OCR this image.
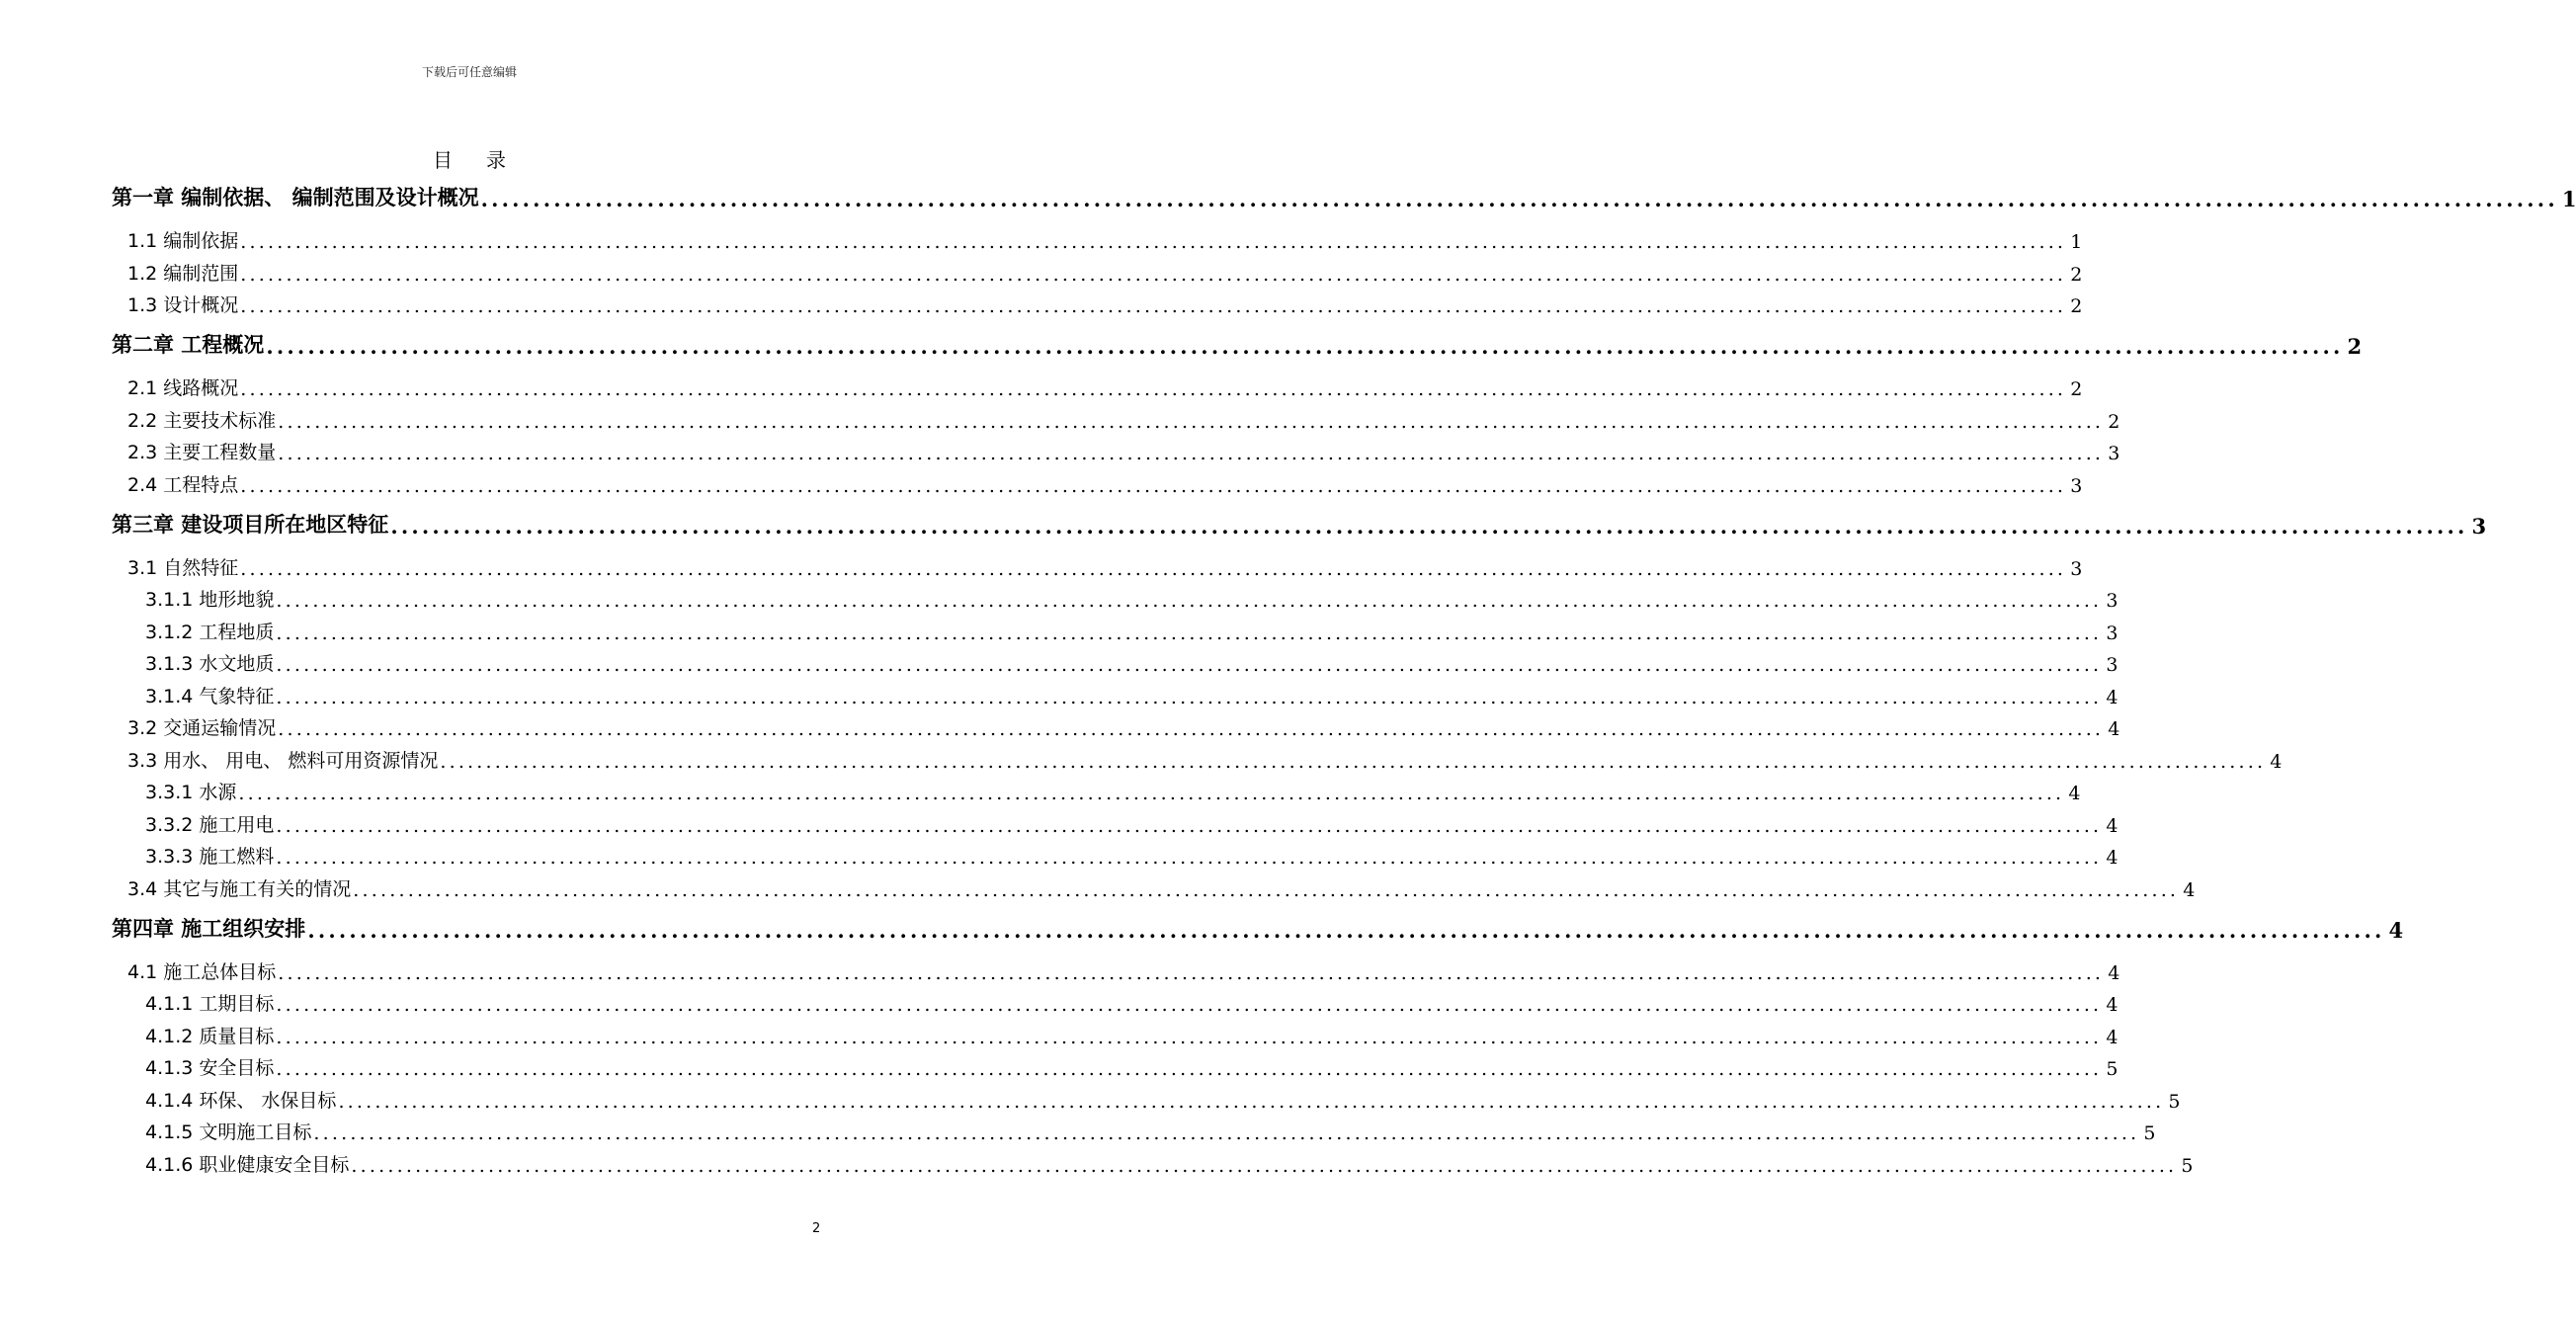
下载后可任意编辑
目录
第一章 编制依据、 编制范围及设计概况 ........................................................................................................................................................................................................ 1
1.1 编制依据 ........................................................................................................................................................................................................ 1
1.2 编制范围 ........................................................................................................................................................................................................ 2
1.3 设计概况 ........................................................................................................................................................................................................ 2
第二章 工程概况 ........................................................................................................................................................................................................ 2
2.1 线路概况 ........................................................................................................................................................................................................ 2
2.2 主要技术标准 ........................................................................................................................................................................................................ 2
2.3 主要工程数量 ........................................................................................................................................................................................................ 3
2.4 工程特点 ........................................................................................................................................................................................................ 3
第三章 建设项目所在地区特征 ........................................................................................................................................................................................................ 3
3.1 自然特征 ........................................................................................................................................................................................................ 3
3.1.1 地形地貌 ........................................................................................................................................................................................................ 3
3.1.2 工程地质 ........................................................................................................................................................................................................ 3
3.1.3 水文地质 ........................................................................................................................................................................................................ 3
3.1.4 气象特征 ........................................................................................................................................................................................................ 4
3.2 交通运输情况 ........................................................................................................................................................................................................ 4
3.3 用水、 用电、 燃料可用资源情况 ........................................................................................................................................................................................................ 4
3.3.1 水源 ........................................................................................................................................................................................................ 4
3.3.2 施工用电 ........................................................................................................................................................................................................ 4
3.3.3 施工燃料 ........................................................................................................................................................................................................ 4
3.4 其它与施工有关的情况 ........................................................................................................................................................................................................ 4
第四章 施工组织安排 ........................................................................................................................................................................................................ 4
4.1 施工总体目标 ........................................................................................................................................................................................................ 4
4.1.1 工期目标 ........................................................................................................................................................................................................ 4
4.1.2 质量目标 ........................................................................................................................................................................................................ 4
4.1.3 安全目标 ........................................................................................................................................................................................................ 5
4.1.4 环保、 水保目标 ........................................................................................................................................................................................................ 5
4.1.5 文明施工目标 ........................................................................................................................................................................................................ 5
4.1.6 职业健康安全目标 ........................................................................................................................................................................................................ 5
2
